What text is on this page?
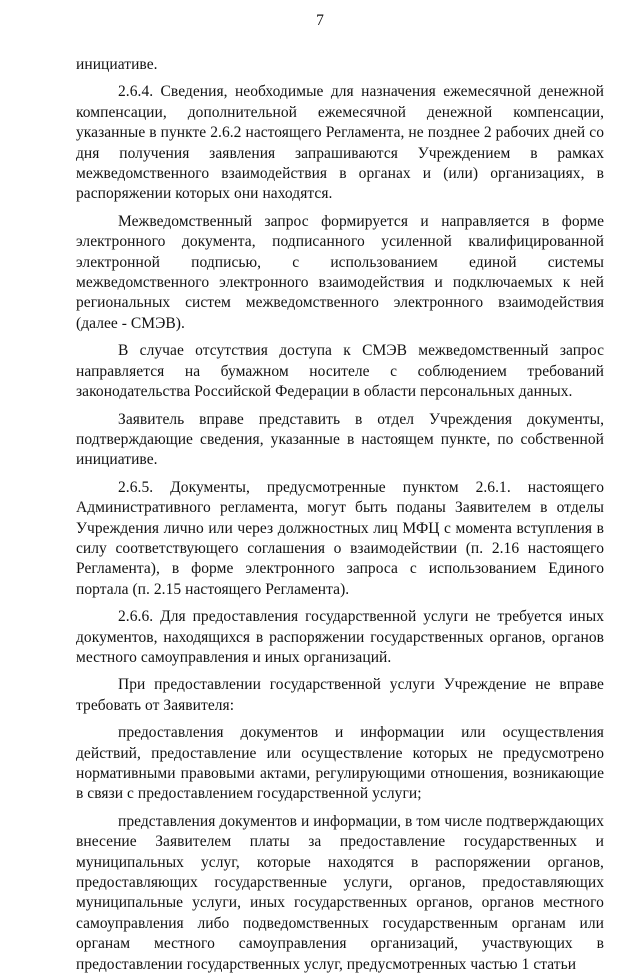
7

инициативе.

2.6.4. Сведения, необходимые для назначения ежемесячной денежной компенсации, дополнительной ежемесячной денежной компенсации, указанные в пункте 2.6.2 настоящего Регламента, не позднее 2 рабочих дней со дня получения заявления запрашиваются Учреждением в рамках межведомственного взаимодействия в органах и (или) организациях, в распоряжении которых они находятся.

Межведомственный запрос формируется и направляется в форме электронного документа, подписанного усиленной квалифицированной электронной подписью, с использованием единой системы межведомственного электронного взаимодействия и подключаемых к ней региональных систем межведомственного электронного взаимодействия (далее - СМЭВ).

В случае отсутствия доступа к СМЭВ межведомственный запрос направляется на бумажном носителе с соблюдением требований законодательства Российской Федерации в области персональных данных.

Заявитель вправе представить в отдел Учреждения документы, подтверждающие сведения, указанные в настоящем пункте, по собственной инициативе.

2.6.5. Документы, предусмотренные пунктом 2.6.1. настоящего Административного регламента, могут быть поданы Заявителем в отделы Учреждения лично или через должностных лиц МФЦ с момента вступления в силу соответствующего соглашения о взаимодействии (п. 2.16 настоящего Регламента), в форме электронного запроса с использованием Единого портала (п. 2.15 настоящего Регламента).

2.6.6. Для предоставления государственной услуги не требуется иных документов, находящихся в распоряжении государственных органов, органов местного самоуправления и иных организаций.

При предоставлении государственной услуги Учреждение не вправе требовать от Заявителя:

предоставления документов и информации или осуществления действий, предоставление или осуществление которых не предусмотрено нормативными правовыми актами, регулирующими отношения, возникающие в связи с предоставлением государственной услуги;

представления документов и информации, в том числе подтверждающих внесение Заявителем платы за предоставление государственных и муниципальных услуг, которые находятся в распоряжении органов, предоставляющих государственные услуги, органов, предоставляющих муниципальные услуги, иных государственных органов, органов местного самоуправления либо подведомственных государственным органам или органам местного самоуправления организаций, участвующих в предоставлении государственных услуг, предусмотренных частью 1 статьи
